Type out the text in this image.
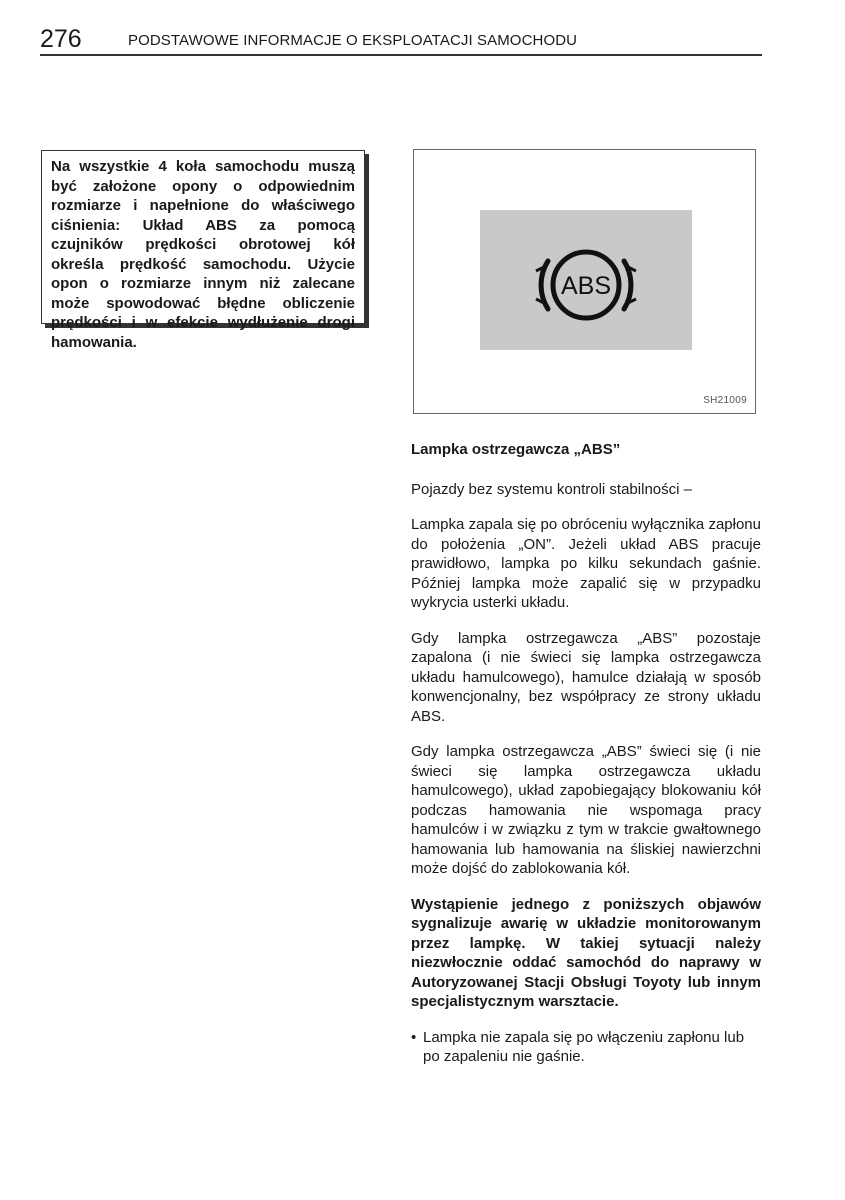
276	PODSTAWOWE INFORMACJE O EKSPLOATACJI SAMOCHODU

Na wszystkie 4 koła samochodu muszą być założone opony o odpowiednim rozmiarze i napełnione do właściwego ciśnienia: Układ ABS za pomocą czujników prędkości obrotowej kół określa prędkość samochodu. Użycie opon o rozmiarze innym niż zalecane może spowodować błędne obliczenie prędkości i w efekcie wydłużenie drogi hamowania.

ABS
SH21009

Lampka ostrzegawcza „ABS”

Pojazdy bez systemu kontroli stabilności –

Lampka zapala się po obróceniu wyłącznika zapłonu do położenia „ON”. Jeżeli układ ABS pracuje prawidłowo, lampka po kilku sekundach gaśnie. Później lampka może zapalić się w przypadku wykrycia usterki układu.

Gdy lampka ostrzegawcza „ABS” pozostaje zapalona (i nie świeci się lampka ostrzegawcza układu hamulcowego), hamulce działają w sposób konwencjonalny, bez współpracy ze strony układu ABS.

Gdy lampka ostrzegawcza „ABS” świeci się (i nie świeci się lampka ostrzegawcza układu hamulcowego), układ zapobiegający blokowaniu kół podczas hamowania nie wspomaga pracy hamulców i w związku z tym w trakcie gwałtownego hamowania lub hamowania na śliskiej nawierzchni może dojść do zablokowania kół.

Wystąpienie jednego z poniższych objawów sygnalizuje awarię w układzie monitorowanym przez lampkę. W takiej sytuacji należy niezwłocznie oddać samochód do naprawy w Autoryzowanej Stacji Obsługi Toyoty lub innym specjalistycznym warsztacie.

• Lampka nie zapala się po włączeniu zapłonu lub po zapaleniu nie gaśnie.
